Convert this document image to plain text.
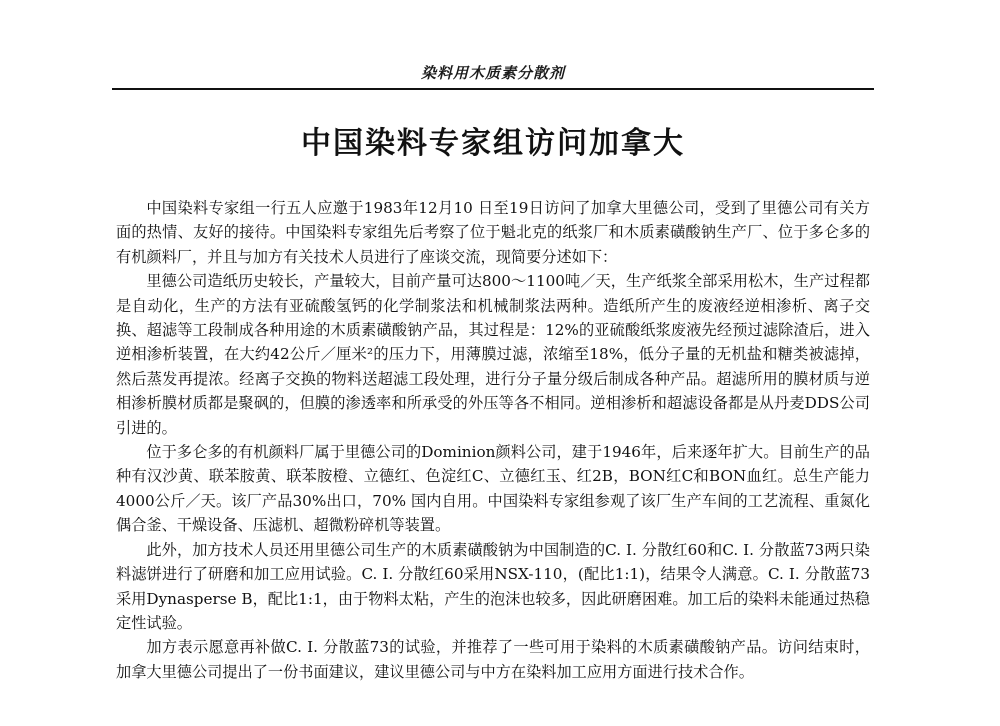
染料用木质素分散剂
中国染料专家组访问加拿大

中国染料专家组一行五人应邀于1983年12月10 日至19日访问了加拿大里德公司，受到了里德公司有关方面的热情、友好的接待。中国染料专家组先后考察了位于魁北克的纸浆厂和木质素磺酸钠生产厂、位于多仑多的有机颜料厂，并且与加方有关技术人员进行了座谈交流，现简要分述如下：

里德公司造纸历史较长，产量较大，目前产量可达800～1100吨／天，生产纸浆全部采用松木，生产过程都是自动化，生产的方法有亚硫酸氢钙的化学制浆法和机械制浆法两种。造纸所产生的废液经逆相渗析、离子交换、超滤等工段制成各种用途的木质素磺酸钠产品，其过程是：12%的亚硫酸纸浆废液先经预过滤除渣后，进入逆相渗析装置，在大约42公斤／厘米²的压力下，用薄膜过滤，浓缩至18%，低分子量的无机盐和糖类被滤掉，然后蒸发再提浓。经离子交换的物料送超滤工段处理，进行分子量分级后制成各种产品。超滤所用的膜材质与逆相渗析膜材质都是聚砜的，但膜的渗透率和所承受的外压等各不相同。逆相渗析和超滤设备都是从丹麦DDS公司引进的。

位于多仑多的有机颜料厂属于里德公司的Dominion颜料公司，建于1946年，后来逐年扩大。目前生产的品种有汉沙黄、联苯胺黄、联苯胺橙、立德红、色淀红C、立德红玉、红2B，BON红C和BON血红。总生产能力4000公斤／天。该厂产品30%出口，70% 国内自用。中国染料专家组参观了该厂生产车间的工艺流程、重氮化偶合釜、干燥设备、压滤机、超微粉碎机等装置。

此外，加方技术人员还用里德公司生产的木质素磺酸钠为中国制造的C. I. 分散红60和C. I. 分散蓝73两只染料滤饼进行了研磨和加工应用试验。C. I. 分散红60采用NSX-110，(配比1:1)，结果令人满意。C. I. 分散蓝73采用Dynasperse B，配比1:1，由于物料太粘，产生的泡沫也较多，因此研磨困难。加工后的染料未能通过热稳定性试验。

加方表示愿意再补做C. I. 分散蓝73的试验，并推荐了一些可用于染料的木质素磺酸钠产品。访问结束时，加拿大里德公司提出了一份书面建议，建议里德公司与中方在染料加工应用方面进行技术合作。
